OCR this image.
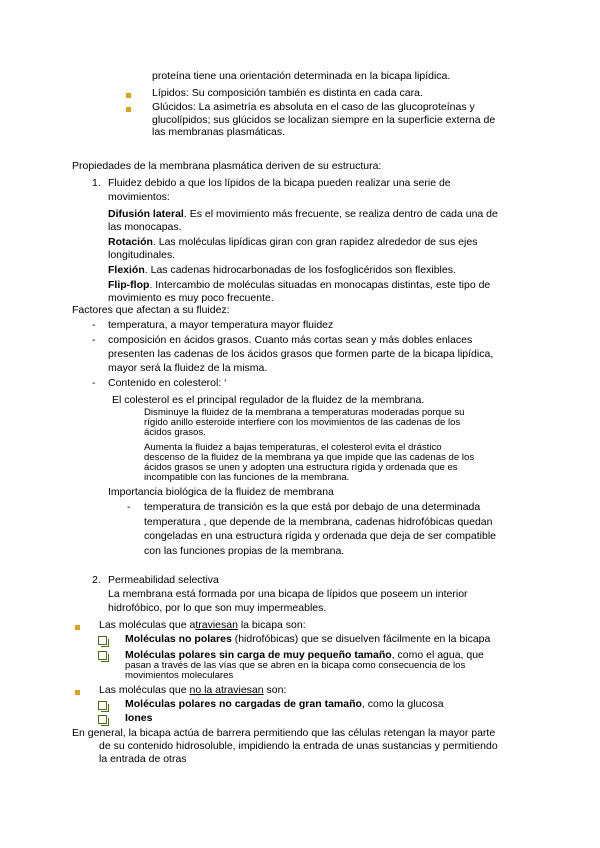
proteína tiene una orientación determinada en la bicapa lipídica.
Lípidos: Su composición también es distinta en cada cara.
Glúcidos: La asimetría es absoluta en el caso de las glucoproteínas y
glucolípidos; sus glúcidos se localizan siempre en la superficie externa de
las membranas plasmáticas.
Propiedades de la membrana plasmática deriven de su estructura:
1. Fluidez debido a que los lípidos de la bicapa pueden realizar una serie de
movimientos:
Difusión lateral. Es el movimiento más frecuente, se realiza dentro de cada una de
las monocapas.
Rotación. Las moléculas lipídicas giran con gran rapidez alrededor de sus ejes
longitudinales.
Flexión. Las cadenas hidrocarbonadas de los fosfoglicéridos son flexibles.
Flip-flop. Intercambio de moléculas situadas en monocapas distintas, este tipo de
movimiento es muy poco frecuente.
Factores que afectan a su fluidez:
- temperatura, a mayor temperatura mayor fluidez
- composición en ácidos grasos. Cuanto más cortas sean y más dobles enlaces
presenten las cadenas de los ácidos grasos que formen parte de la bicapa lipídica,
mayor será la fluidez de la misma.
- Contenido en colesterol: ‘
El colesterol es el principal regulador de la fluidez de la membrana.
Disminuye la fluidez de la membrana a temperaturas moderadas porque su
rígido anillo esteroide interfiere con los movimientos de las cadenas de los
ácidos grasos.
Aumenta la fluidez a bajas temperaturas, el colesterol evita el drástico
descenso de la fluidez de la membrana ya que impide que las cadenas de los
ácidos grasos se unen y adopten una estructura rígida y ordenada que es
incompatible con las funciones de la membrana.
Importancia biológica de la fluidez de membrana
- temperatura de transición es la que está por debajo de una determinada
temperatura , que depende de la membrana, cadenas hidrofóbicas quedan
congeladas en una estructura rígida y ordenada que deja de ser compatible
con las funciones propias de la membrana.
2. Permeabilidad selectiva
La membrana está formada por una bicapa de lípidos que poseem un interior
hidrofóbico, por lo que son muy impermeables.
Las moléculas que atraviesan la bicapa son:
Moléculas no polares (hidrofóbicas) que se disuelven fácilmente en la bicapa
Moléculas polares sin carga de muy pequeño tamaño, como el agua, que
pasan a través de las vías que se abren en la bicapa como consecuencia de los
movimientos moleculares
Las moléculas que no la atraviesan son:
Moléculas polares no cargadas de gran tamaño, como la glucosa
Iones
En general, la bicapa actúa de barrera permitiendo que las células retengan la mayor parte
de su contenido hidrosoluble, impidiendo la entrada de unas sustancias y permitiendo
la entrada de otras
